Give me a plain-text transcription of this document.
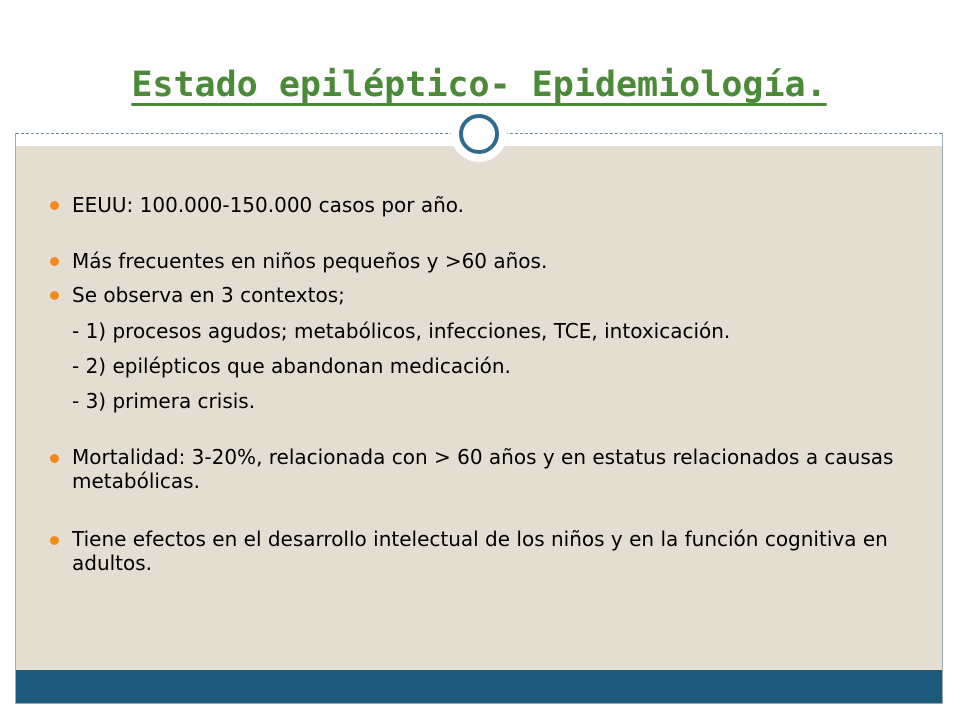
Estado epiléptico- Epidemiología.
EEUU: 100.000-150.000 casos por año.
Más frecuentes en niños pequeños y >60 años.
Se observa en 3 contextos;
- 1) procesos agudos; metabólicos, infecciones, TCE, intoxicación.
- 2) epilépticos que abandonan medicación.
- 3) primera crisis.
Mortalidad: 3-20%, relacionada con > 60 años y en estatus relacionados a causas metabólicas.
Tiene efectos en el desarrollo intelectual de los niños y en la función cognitiva en adultos.
